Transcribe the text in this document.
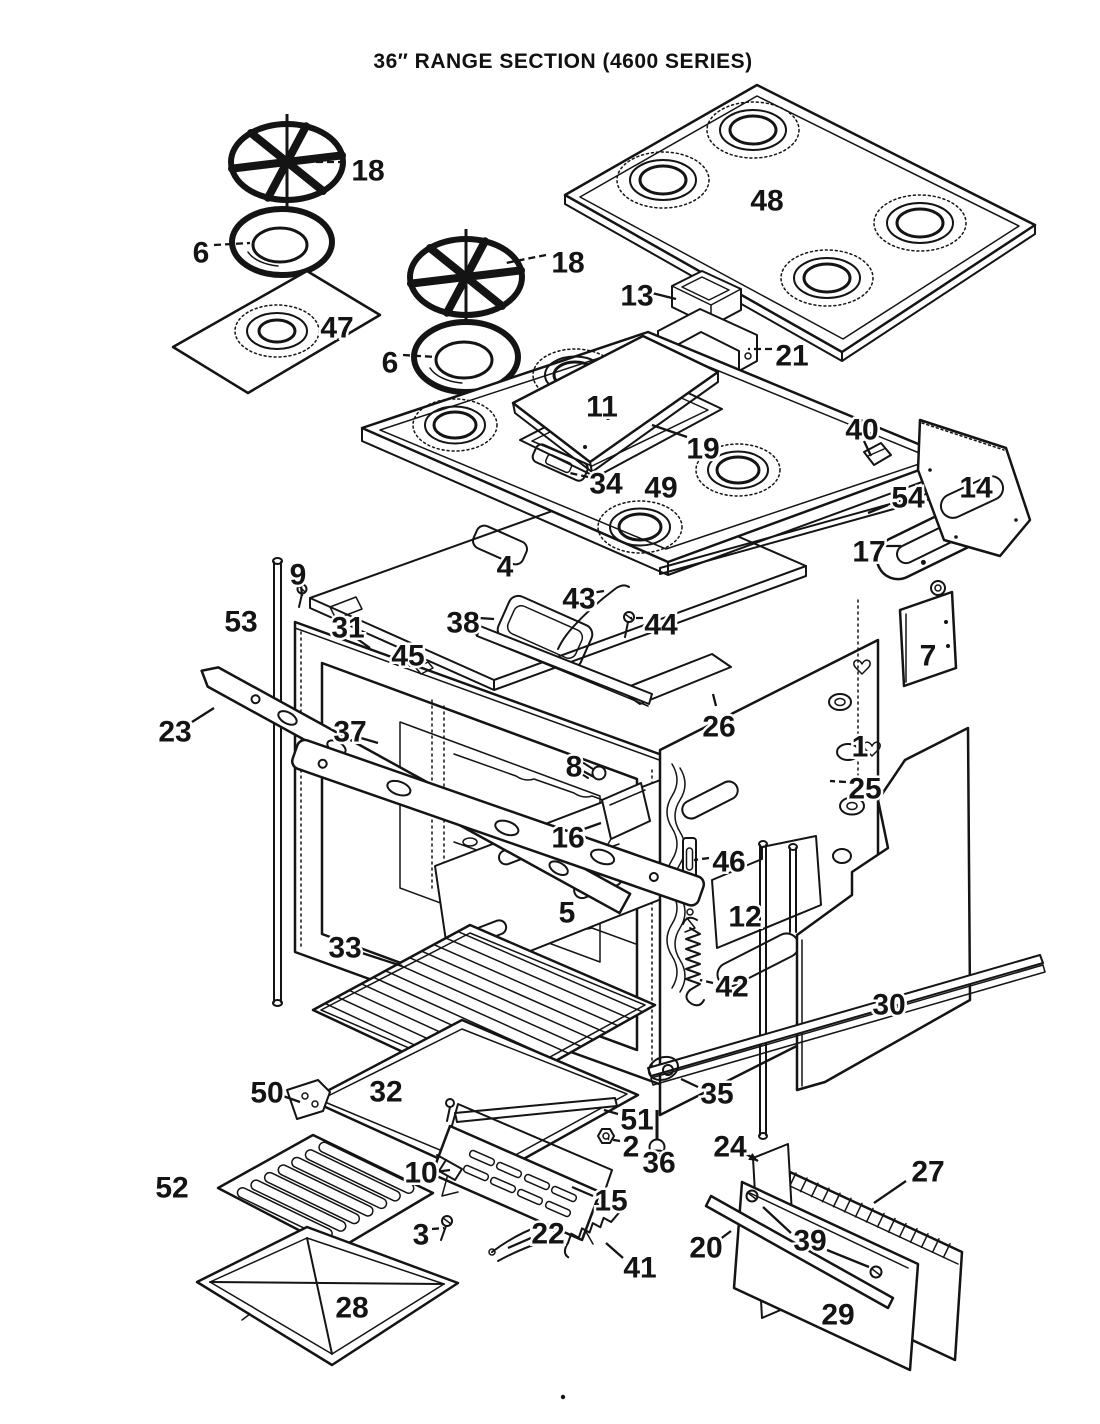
36″ RANGE SECTION (4600 SERIES)
18
6
47
18
6
48
13
21
11
19
34 49
40
14
54
17
9
53 31	38
45
4
43
44
23	37
8
16
26
1
25
7
46
12
42
5
33
32
50
30
35
51
2 36 24
10
52	15
3	22
41
28
27
20 39
29
